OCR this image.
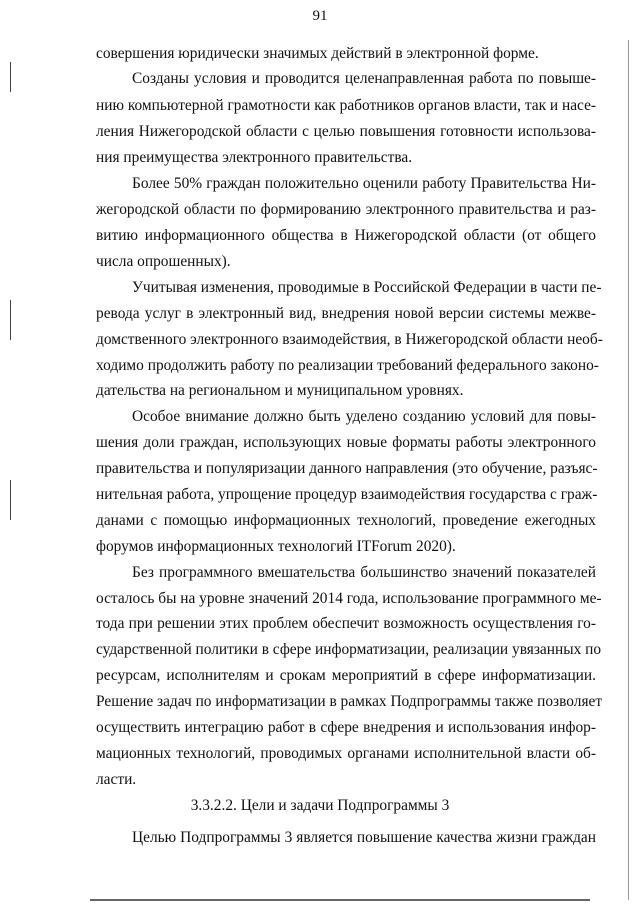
91
совершения юридически значимых действий в электронной форме.
Созданы условия и проводится целенаправленная работа по повыше-
нию компьютерной грамотности как работников органов власти, так и насе-
ления Нижегородской области с целью повышения готовности использова-
ния преимущества электронного правительства.
Более 50% граждан положительно оценили работу Правительства Ни-
жегородской области по формированию электронного правительства и раз-
витию информационного общества в Нижегородской области (от общего
числа опрошенных).
Учитывая изменения, проводимые в Российской Федерации в части пе-
ревода услуг в электронный вид, внедрения новой версии системы межве-
домственного электронного взаимодействия, в Нижегородской области необ-
ходимо продолжить работу по реализации требований федерального законо-
дательства на региональном и муниципальном уровнях.
Особое внимание должно быть уделено созданию условий для повы-
шения доли граждан, использующих новые форматы работы электронного
правительства и популяризации данного направления (это обучение, разъяс-
нительная работа, упрощение процедур взаимодействия государства с граж-
данами с помощью информационных технологий, проведение ежегодных
форумов информационных технологий ITForum 2020).
Без программного вмешательства большинство значений показателей
осталось бы на уровне значений 2014 года, использование программного ме-
тода при решении этих проблем обеспечит возможность осуществления го-
сударственной политики в сфере информатизации, реализации увязанных по
ресурсам, исполнителям и срокам мероприятий в сфере информатизации.
Решение задач по информатизации в рамках Подпрограммы также позволяет
осуществить интеграцию работ в сфере внедрения и использования инфор-
мационных технологий, проводимых органами исполнительной власти об-
ласти.
3.3.2.2. Цели и задачи Подпрограммы 3
Целью Подпрограммы 3 является повышение качества жизни граждан
